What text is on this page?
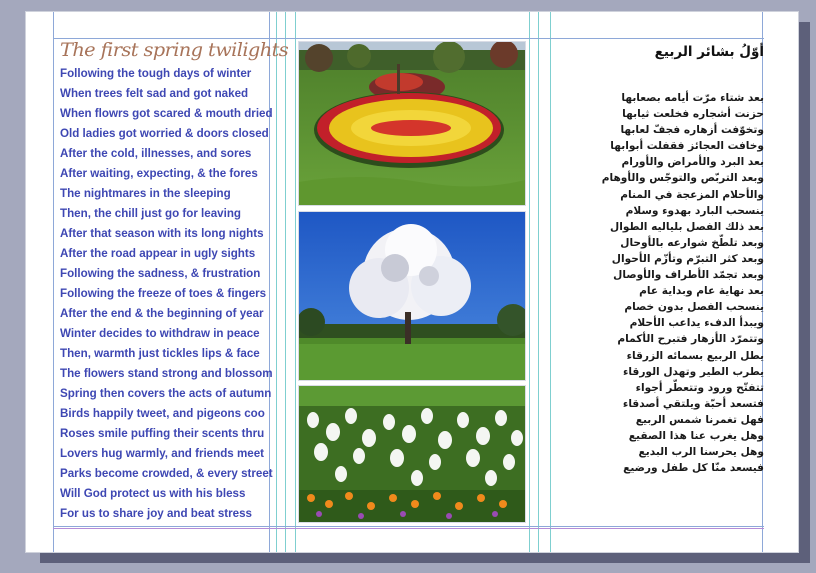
The first spring twilights
Following the tough days of winter
When trees felt sad and got naked
When flowrs got scared & mouth dried
Old ladies got worried & doors closed
After the cold, illnesses, and sores
After waiting, expecting, & the fores
The nightmares in the sleeping
Then, the chill just go for leaving
After that season with its long nights
After the road appear in ugly sights
Following the sadness, & frustration
Following the freeze of toes & fingers
After the end & the beginning of year
Winter decides to withdraw in peace
Then, warmth just tickles lips & face
The flowers stand strong and blossom
Spring then covers the acts of autumn
Birds happily tweet, and pigeons coo
Roses smile puffing their scents thru
Lovers hug warmly, and friends meet
Parks become crowded, & every street
Will God protect us with his bless
For us to share joy and beat stress
أوّلُ بشائر الربيع
بعد شتاء مرّت أيامه بصعابها
حزنت أشجاره فخلعت ثيابها
وتخوّفت أزهاره فجفّ لعابها
وخافت العجائز فقفلت أبوابها
بعد البرد والأمراض والأورام
وبعد التربّص والتوجّس والأوهام
والأحلام المزعجة في المنام
ينسحب البارد بهدوء وسلام
بعد ذلك الفصل بلياليه الطوال
وبعد تلطّخ شوارعه بالأوحال
وبعد كثر التبرّم وتأزّم الأحوال
وبعد تجمّد الأطراف والأوصال
بعد نهاية عام وبداية عام
ينسحب الفصل بدون خصام
ويبدأ الدفء يداعب الأحلام
وتتمرّد الأزهار فتبرح الأكمام
يطل الربيع بسمائه الزرقاء
يطرب الطير وتهدل الورقاء
تتفتّح ورود وتتعطّر أجواء
فتسعد أحبّة ويلتقي أصدقاء
فهل تغمرنا شمس الربيع
وهل يغرب عنا هذا الصقيع
وهل يحرسنا الرب البديع
فيسعد منّا كل طفل ورضيع
